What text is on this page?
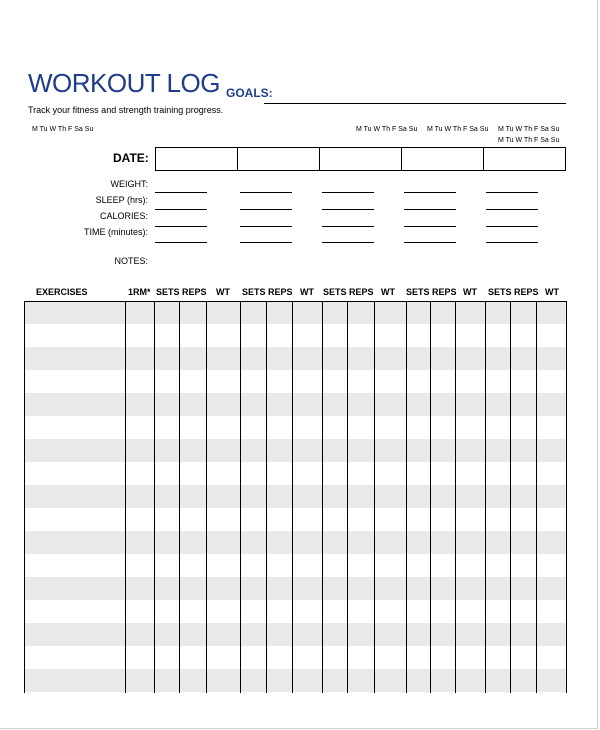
WORKOUT LOG GOALS:
Track your fitness and strength training progress.
M Tu W Th F Sa Su	M Tu W Th F Sa Su M Tu W Th F Sa Su M Tu W Th F Sa Su
M Tu W Th F Sa Su
DATE:
WEIGHT:
SLEEP (hrs):
CALORIES:
TIME (minutes):
NOTES:
EXERCISES	1RM* SETS REPS WT SETS REPS WT SETS REPS WT SETS REPS WT SETS REPS WT
